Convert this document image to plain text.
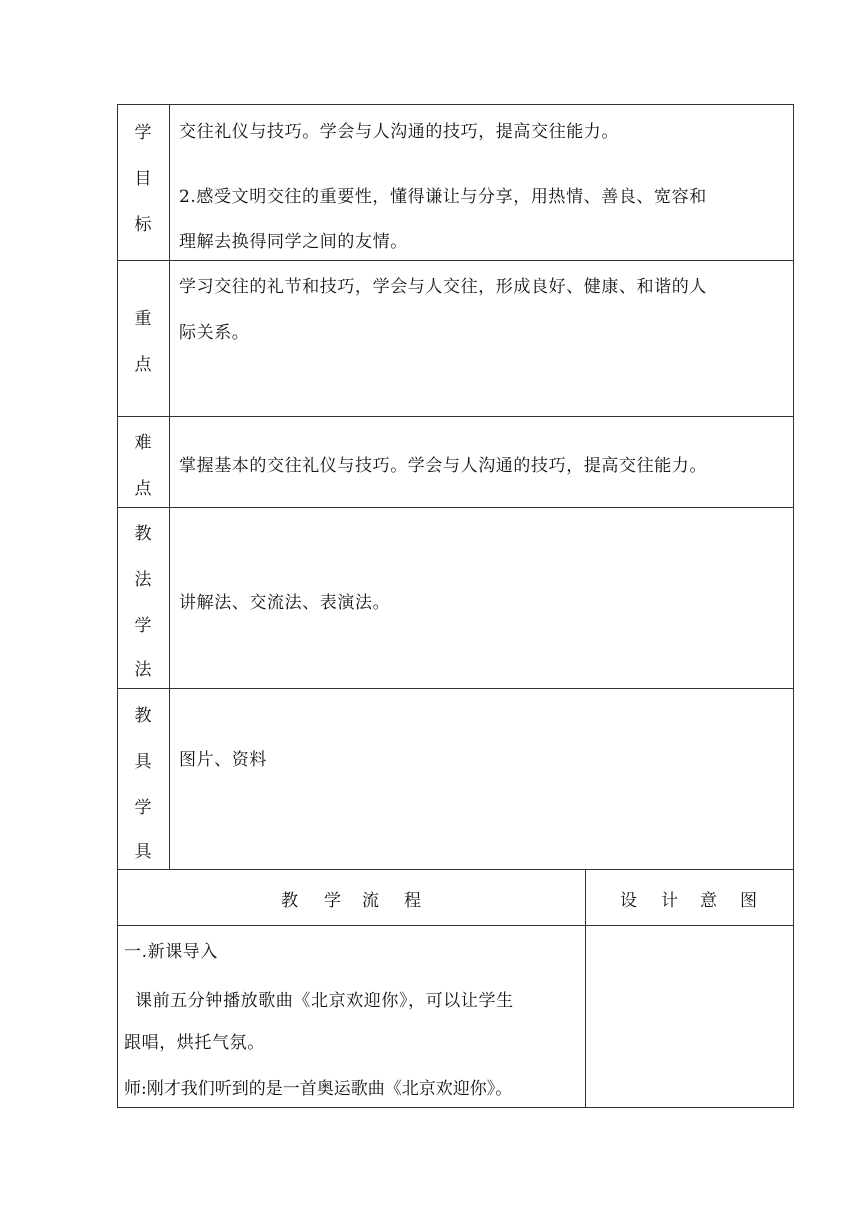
学
目
标
交往礼仪与技巧。学会与人沟通的技巧，提高交往能力。
2.感受文明交往的重要性，懂得谦让与分享，用热情、善良、宽容和
理解去换得同学之间的友情。
重
点
学习交往的礼节和技巧，学会与人交往，形成良好、健康、和谐的人
际关系。
难
点
掌握基本的交往礼仪与技巧。学会与人沟通的技巧，提高交往能力。
教
法
学
法
讲解法、交流法、表演法。
教
具
学
具
图片、资料
教 学 流 程	设 计 意 图
一.新课导入
课前五分钟播放歌曲《北京欢迎你》，可以让学生
跟唱，烘托气氛。
师:刚才我们听到的是一首奥运歌曲《北京欢迎你》。
